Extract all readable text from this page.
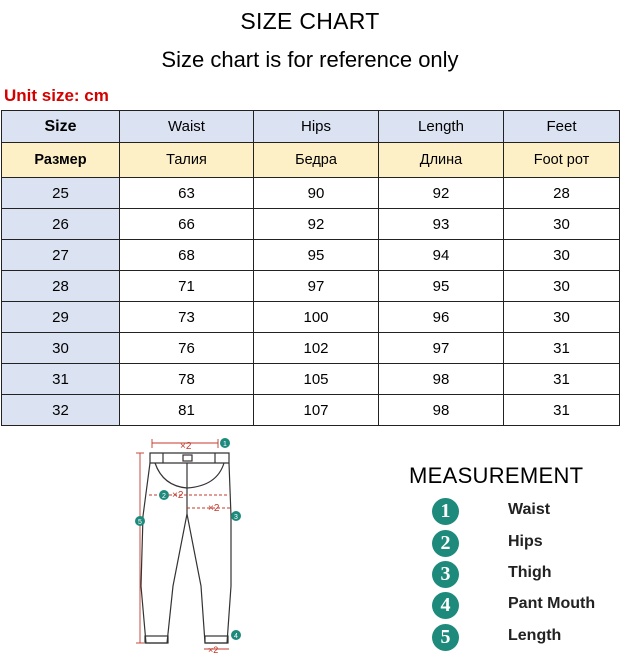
SIZE CHART
Size chart is for reference only
Unit size: cm
Size	Waist	Hips	Length	Feet
Размер	Талия	Бедра	Длина	Foot рот
25	63	90	92	28
26	66	92	93	30
27	68	95	94	30
28	71	97	95	30
29	73	100	96	30
30	76	102	97	31
31	78	105	98	31
32	81	107	98	31
×2
×2
×2
×2
1
2
3
4
5
MEASUREMENT
1	Waist
2	Hips
3	Thigh
4	Pant Mouth
5	Length
